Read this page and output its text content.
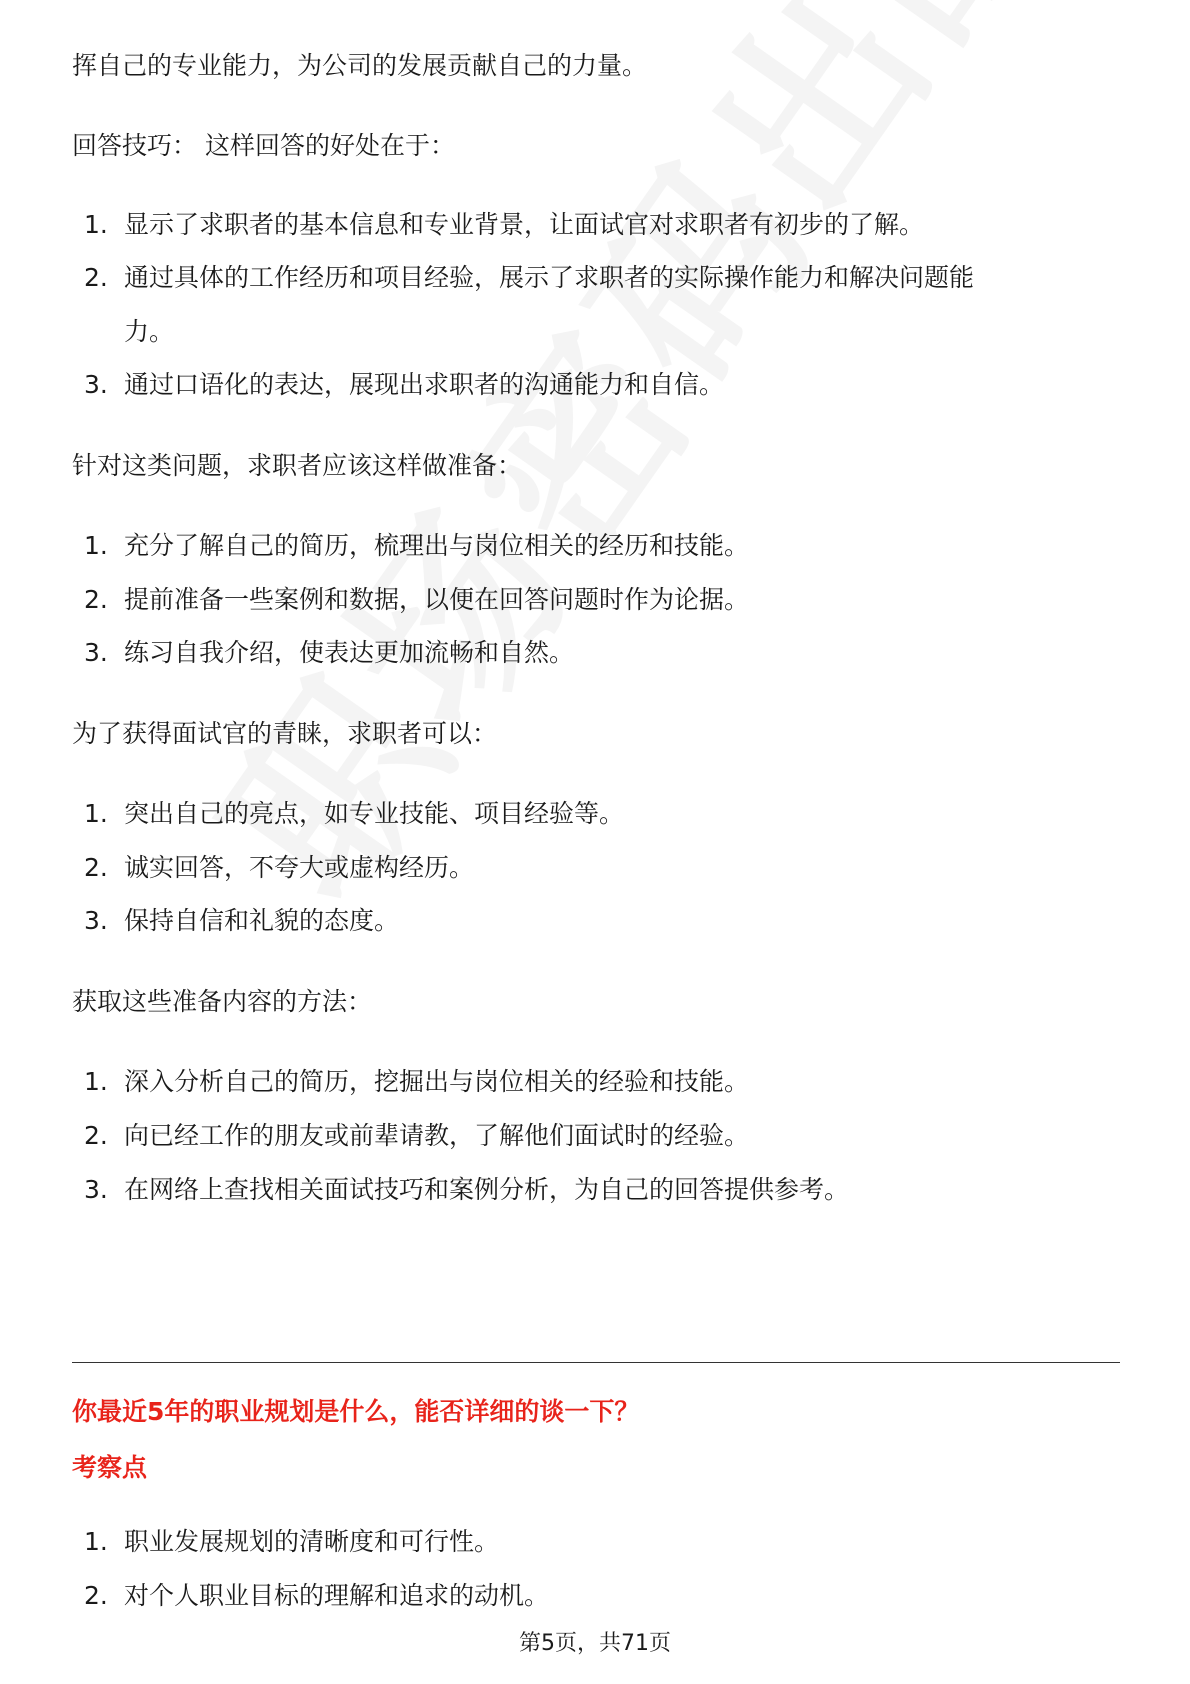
挥自己的专业能力，为公司的发展贡献自己的力量。
回答技巧： 这样回答的好处在于：
1. 显示了求职者的基本信息和专业背景，让面试官对求职者有初步的了解。
2. 通过具体的工作经历和项目经验，展示了求职者的实际操作能力和解决问题能
力。
3. 通过口语化的表达，展现出求职者的沟通能力和自信。
针对这类问题，求职者应该这样做准备：
1. 充分了解自己的简历，梳理出与岗位相关的经历和技能。
2. 提前准备一些案例和数据，以便在回答问题时作为论据。
3. 练习自我介绍，使表达更加流畅和自然。
为了获得面试官的青睐，求职者可以：
1. 突出自己的亮点，如专业技能、项目经验等。
2. 诚实回答，不夸大或虚构经历。
3. 保持自信和礼貌的态度。
获取这些准备内容的方法：
1. 深入分析自己的简历，挖掘出与岗位相关的经验和技能。
2. 向已经工作的朋友或前辈请教，了解他们面试时的经验。
3. 在网络上查找相关面试技巧和案例分析，为自己的回答提供参考。
你最近5年的职业规划是什么，能否详细的谈一下？
考察点
1. 职业发展规划的清晰度和可行性。
2. 对个人职业目标的理解和追求的动机。
第5页，共71页
